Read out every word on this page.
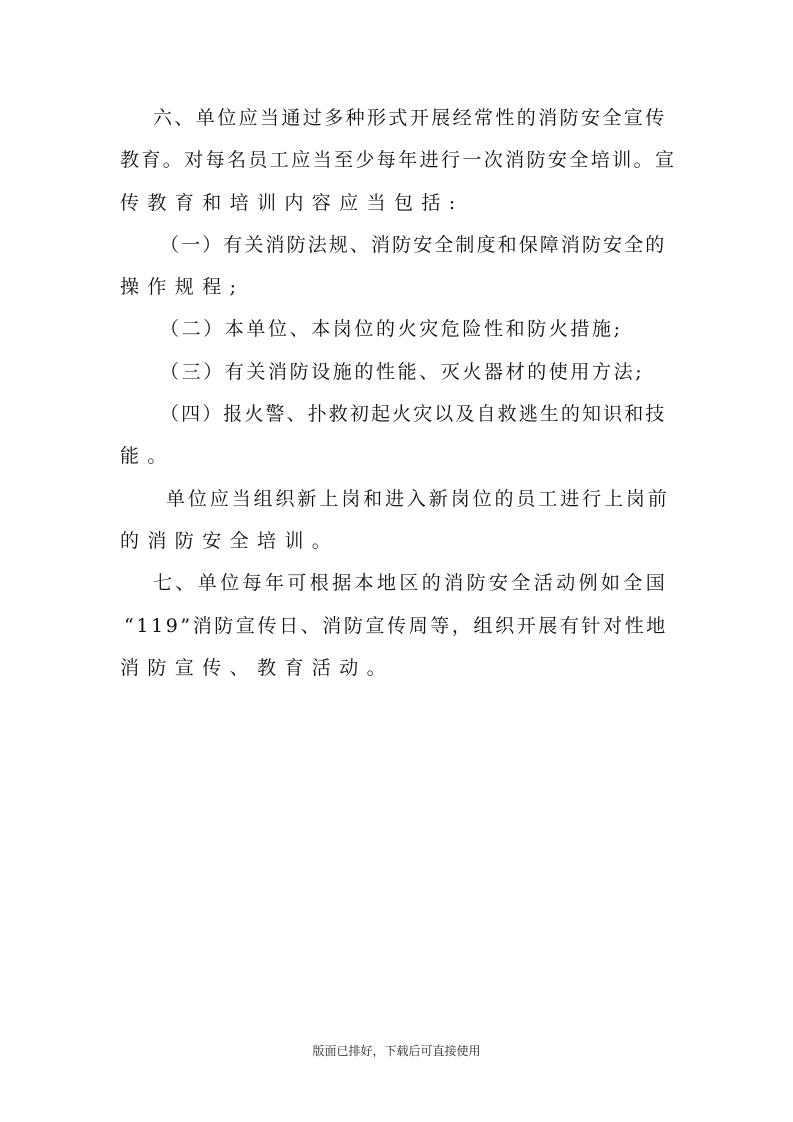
六、单位应当通过多种形式开展经常性的消防安全宣传
教育。对每名员工应当至少每年进行一次消防安全培训。宣
传教育和培训内容应当包括:
（一）有关消防法规、消防安全制度和保障消防安全的
操作规程;
（二）本单位、本岗位的火灾危险性和防火措施;
（三）有关消防设施的性能、灭火器材的使用方法;
（四）报火警、扑救初起火灾以及自救逃生的知识和技
能。
单位应当组织新上岗和进入新岗位的员工进行上岗前
的消防安全培训。
七、单位每年可根据本地区的消防安全活动例如全国
“119”消防宣传日、消防宣传周等，组织开展有针对性地
消防宣传、教育活动。
版面已排好，下载后可直接使用
